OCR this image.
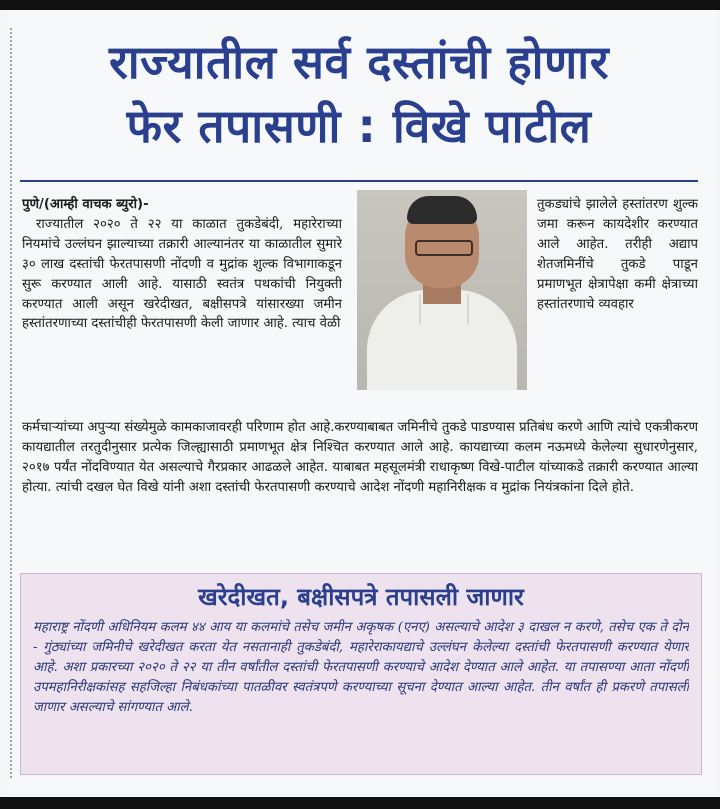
राज्यातील सर्व दस्तांची होणार
फेर तपासणी : विखे पाटील
पुणे/(आम्ही वाचक ब्युरो)-
राज्यातील २०२० ते २२ या काळात तुकडेबंदी, महारेराच्या नियमांचे उल्लंघन झाल्याच्या तक्रारी आल्यानंतर या काळातील सुमारे ३० लाख दस्तांची फेरतपासणी नोंदणी व मुद्रांक शुल्क विभागाकडून सुरू करण्यात आली आहे. यासाठी स्वतंत्र पथकांची नियुक्ती करण्यात आली असून खरेदीखत, बक्षीसपत्रे यांसारख्या जमीन हस्तांतरणाच्या दस्तांचीही फेरतपासणी केली जाणार आहे. त्याच वेळी
तुकड्यांचे झालेले हस्तांतरण शुल्क जमा करून कायदेशीर करण्यात आले आहेत. तरीही अद्याप शेतजमिनींचे तुकडे पाडून प्रमाणभूत क्षेत्रापेक्षा कमी क्षेत्राच्या हस्तांतरणाचे व्यवहार
कर्मचाऱ्यांच्या अपुऱ्या संख्येमुळे कामकाजावरही परिणाम होत आहे.करण्याबाबत जमिनीचे तुकडे पाडण्यास प्रतिबंध करणे आणि त्यांचे एकत्रीकरण कायद्यातील तरतुदीनुसार प्रत्येक जिल्ह्यासाठी प्रमाणभूत क्षेत्र निश्चित करण्यात आले आहे. कायद्याच्या कलम नऊमध्ये केलेल्या सुधारणेनुसार, २०१७ पर्यंत नोंदविण्यात येत असल्याचे गैरप्रकार आढळले आहेत. याबाबत महसूलमंत्री राधाकृष्ण विखे-पाटील यांच्याकडे तक्रारी करण्यात आल्या होत्या. त्यांची दखल घेत विखे यांनी अशा दस्तांची फेरतपासणी करण्याचे आदेश नोंदणी महानिरीक्षक व मुद्रांक नियंत्रकांना दिले होते.
खरेदीखत, बक्षीसपत्रे तपासली जाणार
महाराष्ट्र नोंदणी अधिनियम कलम ४४ आय या कलमांचे तसेच जमीन अकृषक (एनए) असल्याचे आदेश ३ दाखल न करणे, तसेच एक ते दोन - गुंठ्यांच्या जमिनीचे खरेदीखत करता येत नसतानाही तुकडेबंदी, महारेराकायद्याचे उल्लंघन केलेल्या दस्तांची फेरतपासणी करण्यात येणार आहे. अशा प्रकारच्या २०२० ते २२ या तीन वर्षांतील दस्तांची फेरतपासणी करण्याचे आदेश देण्यात आले आहेत. या तपासण्या आता नोंदणी उपमहानिरीक्षकांसह सहजिल्हा निबंधकांच्या पातळीवर स्वतंत्रपणे करण्याच्या सूचना देण्यात आल्या आहेत. तीन वर्षांत ही प्रकरणे तपासली जाणार असल्याचे सांगण्यात आले.
